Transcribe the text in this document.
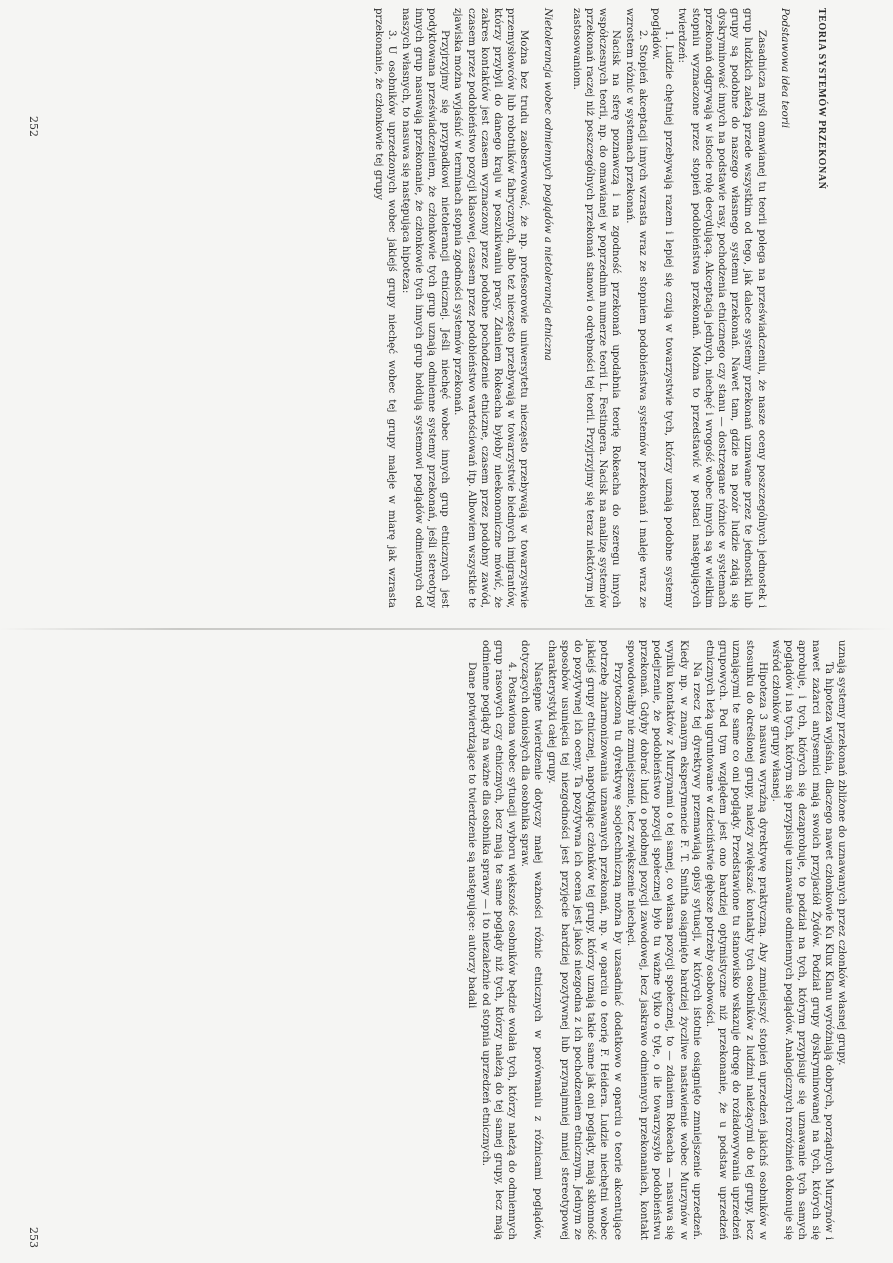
TEORIA SYSTEMÓW PRZEKONAŃ
Podstawowa idea teorii

Zasadnicza myśl omawianej tu teorii polega na przeświadczeniu, że nasze oceny poszczególnych jednostek i grup ludzkich zależą przede wszystkim od tego, jak dalece systemy przekonań uznawane przez te jednostki lub grupy są podobne do naszego własnego systemu przekonań. Nawet tam, gdzie na pozór ludzie zdają się dyskryminować innych na podstawie rasy, pochodzenia etnicznego czy stanu — dostrzegane różnice w systemach przekonań odgrywają w istocie rolę decydującą. Akceptacja jednych, niechęć i wrogość wobec innych są w wielkim stopniu wyznaczone przez stopień podobieństwa przekonań. Można to przedstawić w postaci następujących twierdzeń:

1. Ludzie chętniej przebywają razem i lepiej się czują w towarzystwie tych, którzy uznają podobne systemy poglądów.

2. Stopień akceptacji innych wzrasta wraz ze stopniem podobieństwa systemów przekonań i maleje wraz ze wzrostem różnic w systemach przekonań.

Nacisk na sferę poznawczą i na zgodność przekonań upodabnia teorię Rokeacha do szeregu innych współczesnych teorii, np. do omawianej w poprzednim numerze teorii L. Festingera. Nacisk na analizę systemów przekonań raczej niż poszczególnych przekonań stanowi o odrębności tej teorii. Przyjrzyjmy się teraz niektórym jej zastosowaniom.

Nietolerancja wobec odmiennych poglądów a nietolerancja etniczna

Można bez trudu zaobserwować, że np. profesorowie uniwersytetu nieczęsto przebywają w towarzystwie przemysłowców lub robotników fabrycznych, albo też nieczęsto przebywają w towarzystwie biednych imigrantów, którzy przybyli do danego kraju w poszukiwaniu pracy. Zdaniem Rokeacha byłoby nieekonomiczne mówić, że zakres kontaktów jest czasem wyznaczony przez podobne pochodzenie etniczne, czasem przez podobny zawód, czasem przez podobieństwo pozycji klasowej, czasem przez podobieństwo wartościowań itp. Albowiem wszystkie te zjawiska można wyjaśnić w terminach stopnia zgodności systemów przekonań.

Przyjrzyjmy się przypadkowi nietolerancji etnicznej. Jeśli niechęć wobec innych grup etnicznych jest podyktowana przeświadczeniem, że członkowie tych grup uznają odmienne systemy przekonań, jeśli stereotypy innych grup nasuwają przekonanie, że członkowie tych innych grup hołdują systemowi poglądów odmiennych od naszych własnych, to nasuwa się następująca hipoteza:

3. U osobników uprzedzonych wobec jakiejś grupy niechęć wobec tej grupy maleje w miarę jak wzrasta przekonanie, że członkowie tej grupy

uznają systemy przekonań zbliżone do uznawanych przez członków własnej grupy.

Ta hipoteza wyjaśnia, dlaczego nawet członkowie Ku Klux Klanu wyróżniają dobrych, porządnych Murzynów i nawet zażarci antysemici mają swoich przyjaciół Żydów. Podział grupy dyskryminowanej na tych, których się aprobuje, i tych, których się dezaprobuje, to podział na tych, którym przypisuje się uznawanie tych samych poglądów i na tych, którym się przypisuje uznawanie odmiennych poglądów. Analogicznych rozróżnień dokonuje się wśród członków grupy własnej.

Hipoteza 3 nasuwa wyraźną dyrektywę praktyczną. Aby zmniejszyć stopień uprzedzeń jakichś osobników w stosunku do określonej grupy, należy zwiększać kontakty tych osobników z ludźmi należącymi do tej grupy, lecz uznającymi te same co oni poglądy. Przedstawione tu stanowisko wskazuje drogę do rozładowywania uprzedzeń grupowych. Pod tym względem jest ono bardziej optymistyczne niż przekonanie, że u podstaw uprzedzeń etnicznych leżą ugruntowane w dzieciństwie głębsze potrzeby osobowości.

Na rzecz tej dyrektywy przemawiają opisy sytuacji, w których istotnie osiągnięto zmniejszenie uprzedzeń. Kiedy np. w znanym eksperymencie F. T. Smitha osiągnięto bardziej życzliwe nastawienie wobec Murzynów w wyniku kontaktów z Murzynami o tej samej, co własna pozycji społecznej, to — zdaniem Rokeacha — nasuwa się podejrzenie, że podobieństwo pozycji społecznej było tu ważne tylko o tyle, o ile towarzyszyło podobieństwu przekonań. Gdyby dobrać ludzi o podobnej pozycji zawodowej, lecz jaskrawo odmiennych przekonaniach, kontakt spowodowałby nie zmniejszenie, lecz zwiększenie niechęci.

Przytoczoną tu dyrektywę socjotechniczną można by uzasadniać dodatkowo w oparciu o teorie akcentujące potrzebę zharmonizowania uznawanych przekonań, np. w oparciu o teorię F. Heidera. Ludzie niechętni wobec jakiejś grupy etnicznej, napotykając członków tej grupy, którzy uznają takie same jak oni poglądy, mają skłonność do pozytywnej ich oceny. Ta pozytywna ich ocena jest jakoś niezgodna z ich pochodzeniem etnicznym. Jednym ze sposobów usunięcia tej niezgodności jest przyjęcie bardziej pozytywnej lub przynajmniej mniej stereotypowej charakterystyki całej grupy.

Następne twierdzenie dotyczy małej ważności różnic etnicznych w porównaniu z różnicami poglądów, dotyczących doniosłych dla osobnika spraw.

4. Postawiona wobec sytuacji wyboru większość osobników będzie wolała tych, którzy należą do odmiennych grup rasowych czy etnicznych, lecz mają te same poglądy niż tych, którzy należą do tej samej grupy, lecz mają odmienne poglądy na ważne dla osobnika sprawy — i to niezależnie od stopnia uprzedzeń etnicznych.

Dane potwierdzające to twierdzenie są następujące: autorzy badali

252
253
